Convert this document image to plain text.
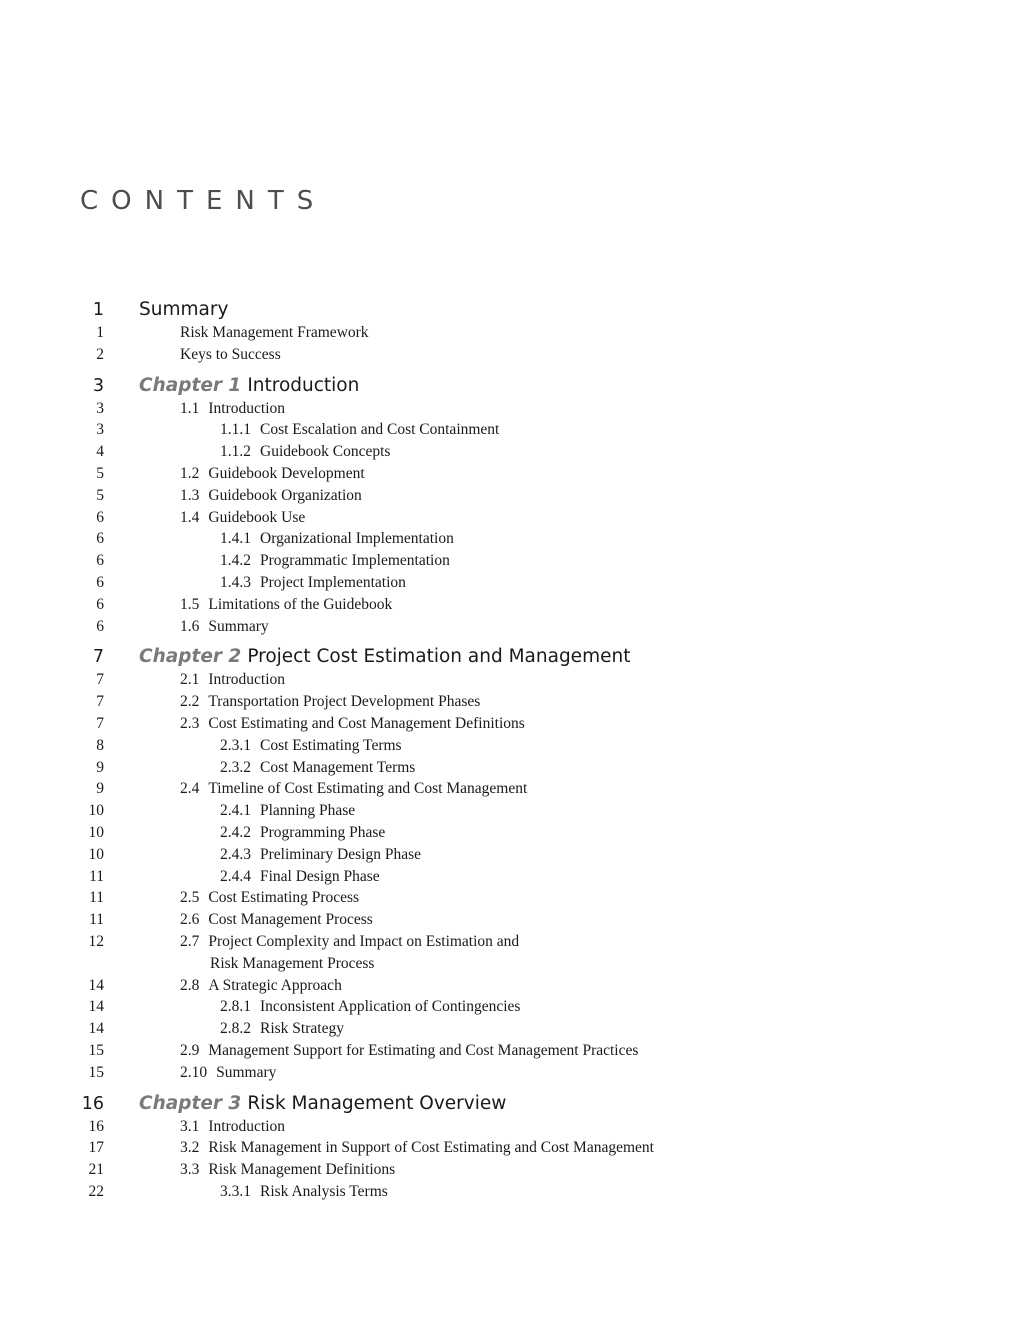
CONTENTS
1 Summary
1	Risk Management Framework
2	Keys to Success
3 Chapter 1 Introduction
3	1.1 Introduction
3	1.1.1 Cost Escalation and Cost Containment
4	1.1.2 Guidebook Concepts
5	1.2 Guidebook Development
5	1.3 Guidebook Organization
6	1.4 Guidebook Use
6	1.4.1 Organizational Implementation
6	1.4.2 Programmatic Implementation
6	1.4.3 Project Implementation
6	1.5 Limitations of the Guidebook
6	1.6 Summary
7 Chapter 2 Project Cost Estimation and Management
7	2.1 Introduction
7	2.2 Transportation Project Development Phases
7	2.3 Cost Estimating and Cost Management Definitions
8	2.3.1 Cost Estimating Terms
9	2.3.2 Cost Management Terms
9	2.4 Timeline of Cost Estimating and Cost Management
10	2.4.1 Planning Phase
10	2.4.2 Programming Phase
10	2.4.3 Preliminary Design Phase
11	2.4.4 Final Design Phase
11	2.5 Cost Estimating Process
11	2.6 Cost Management Process
12	2.7 Project Complexity and Impact on Estimation and
Risk Management Process
14	2.8 A Strategic Approach
14	2.8.1 Inconsistent Application of Contingencies
14	2.8.2 Risk Strategy
15	2.9 Management Support for Estimating and Cost Management Practices
15	2.10 Summary
16 Chapter 3 Risk Management Overview
16	3.1 Introduction
17	3.2 Risk Management in Support of Cost Estimating and Cost Management
21	3.3 Risk Management Definitions
22	3.3.1 Risk Analysis Terms
